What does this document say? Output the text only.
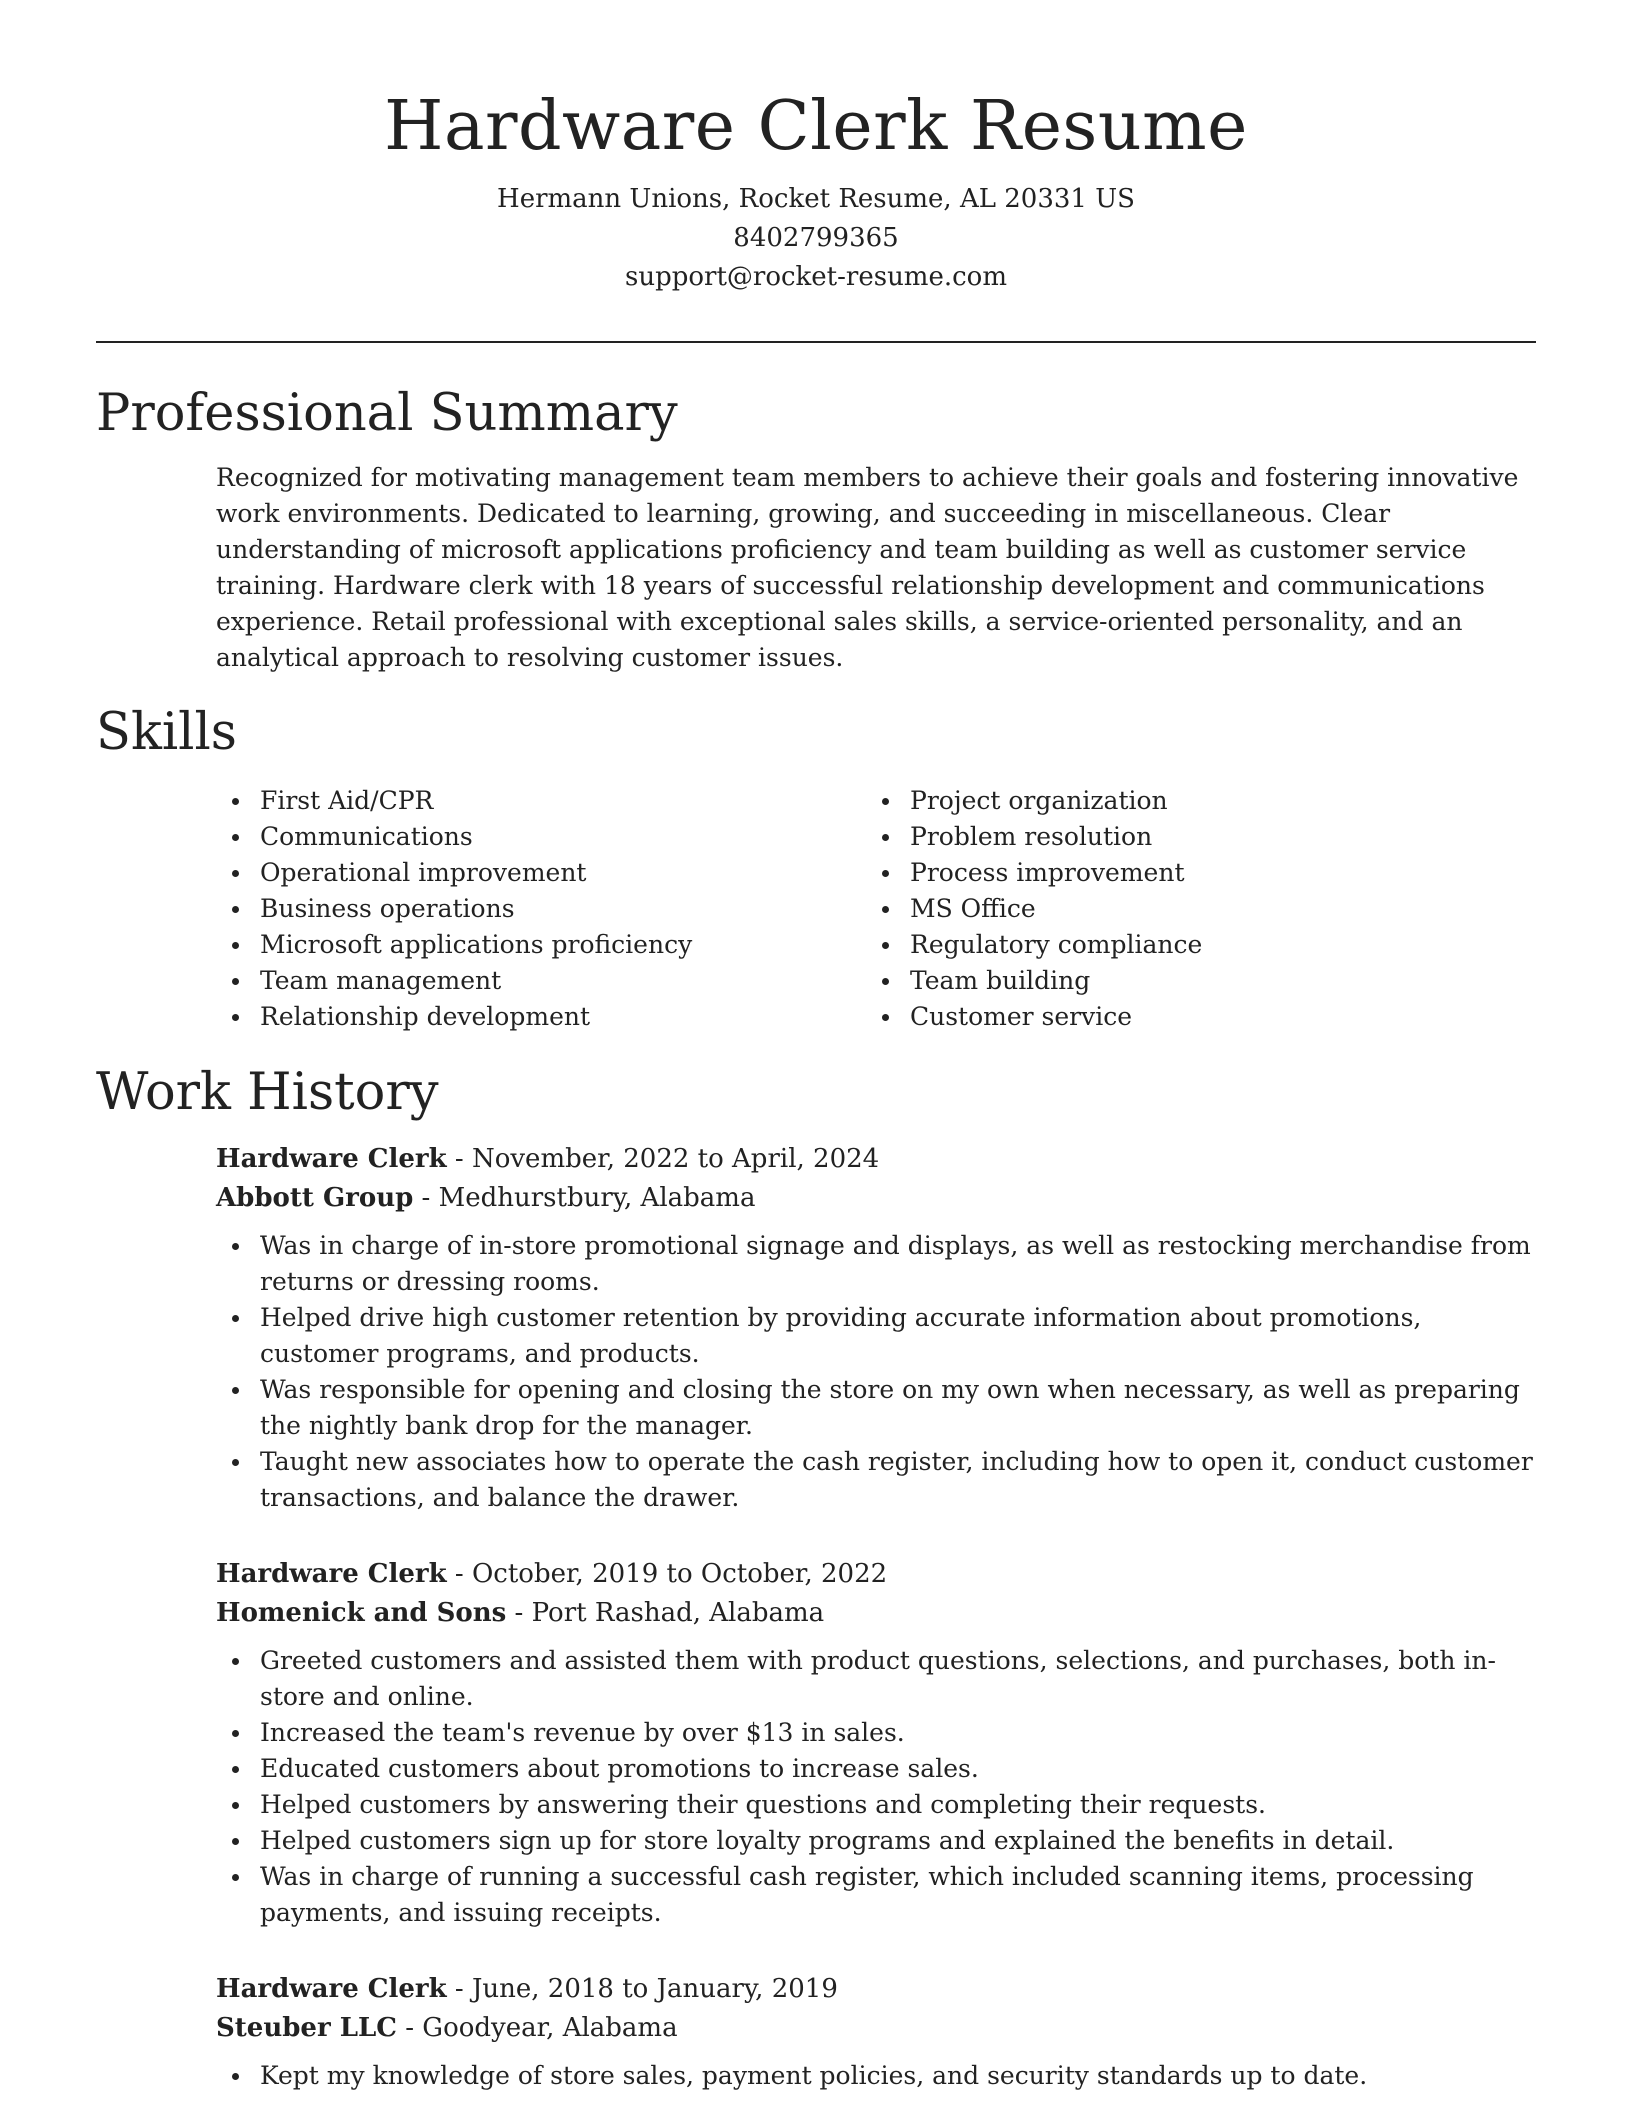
Hardware Clerk Resume
Hermann Unions, Rocket Resume, AL 20331 US
8402799365
support@rocket-resume.com
Professional Summary
Recognized for motivating management team members to achieve their goals and fostering innovative work environments. Dedicated to learning, growing, and succeeding in miscellaneous. Clear understanding of microsoft applications proficiency and team building as well as customer service training. Hardware clerk with 18 years of successful relationship development and communications experience. Retail professional with exceptional sales skills, a service-oriented personality, and an analytical approach to resolving customer issues.
Skills
First Aid/CPR
Communications
Operational improvement
Business operations
Microsoft applications proficiency
Team management
Relationship development
Project organization
Problem resolution
Process improvement
MS Office
Regulatory compliance
Team building
Customer service
Work History
Hardware Clerk - November, 2022 to April, 2024
Abbott Group - Medhurstbury, Alabama
Was in charge of in-store promotional signage and displays, as well as restocking merchandise from returns or dressing rooms.
Helped drive high customer retention by providing accurate information about promotions, customer programs, and products.
Was responsible for opening and closing the store on my own when necessary, as well as preparing the nightly bank drop for the manager.
Taught new associates how to operate the cash register, including how to open it, conduct customer transactions, and balance the drawer.
Hardware Clerk - October, 2019 to October, 2022
Homenick and Sons - Port Rashad, Alabama
Greeted customers and assisted them with product questions, selections, and purchases, both in-store and online.
Increased the team's revenue by over $13 in sales.
Educated customers about promotions to increase sales.
Helped customers by answering their questions and completing their requests.
Helped customers sign up for store loyalty programs and explained the benefits in detail.
Was in charge of running a successful cash register, which included scanning items, processing payments, and issuing receipts.
Hardware Clerk - June, 2018 to January, 2019
Steuber LLC - Goodyear, Alabama
Kept my knowledge of store sales, payment policies, and security standards up to date.
